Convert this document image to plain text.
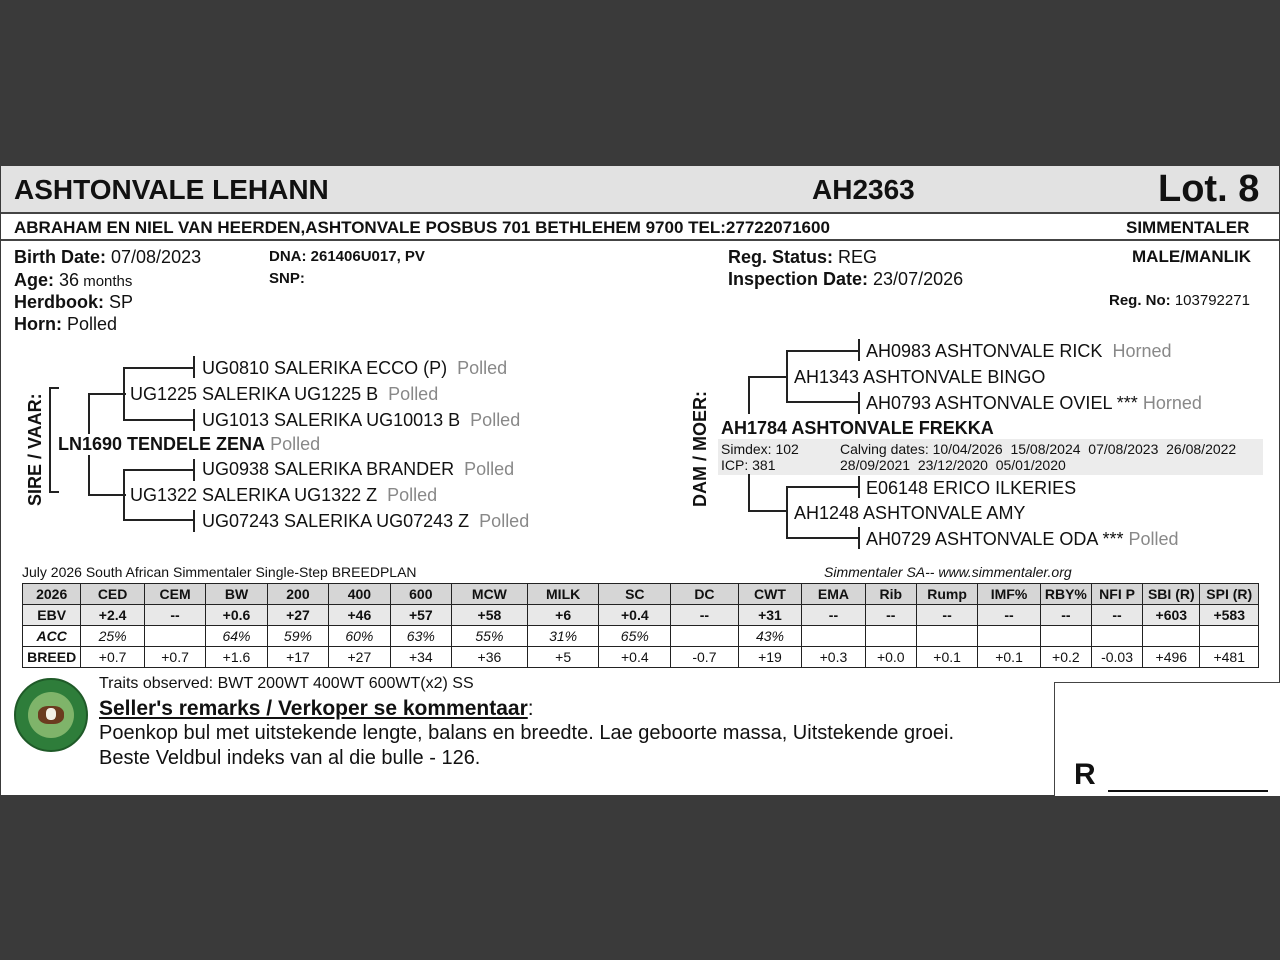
ASHTONVALE LEHANN	AH2363	Lot. 8
ABRAHAM EN NIEL VAN HEERDEN,ASHTONVALE POSBUS 701 BETHLEHEM 9700 TEL:27722071600	SIMMENTALER
Birth Date: 07/08/2023
Age: 36 months
Herdbook: SP
Horn: Polled
DNA: 261406U017, PV
SNP:
Reg. Status: REG
Inspection Date: 23/07/2026
MALE/MANLIK
Reg. No: 103792271
SIRE / VAAR:
UG0810 SALERIKA ECCO (P) Polled
UG1225 SALERIKA UG1225 B Polled
UG1013 SALERIKA UG10013 B Polled
LN1690 TENDELE ZENA Polled
UG0938 SALERIKA BRANDER Polled
UG1322 SALERIKA UG1322 Z Polled
UG07243 SALERIKA UG07243 Z Polled
DAM / MOER:
AH0983 ASHTONVALE RICK Horned
AH1343 ASHTONVALE BINGO
AH0793 ASHTONVALE OVIEL *** Horned
AH1784 ASHTONVALE FREKKA
Simdex: 102
ICP: 381
Calving dates: 10/04/2026  15/08/2024  07/08/2023  26/08/2022
28/09/2021  23/12/2020  05/01/2020
E06148 ERICO ILKERIES
AH1248 ASHTONVALE AMY
AH0729 ASHTONVALE ODA *** Polled
July 2026 South African Simmentaler Single-Step BREEDPLAN	Simmentaler SA-- www.simmentaler.org
2026	CED	CEM	BW	200	400	600	MCW	MILK	SC	DC	CWT	EMA	Rib	Rump	IMF%	RBY%	NFI P	SBI (R)	SPI (R)
EBV	+2.4	--	+0.6	+27	+46	+57	+58	+6	+0.4	--	+31	--	--	--	--	--	--	+603	+583
ACC	25%		64%	59%	60%	63%	55%	31%	65%		43%								
BREED	+0.7	+0.7	+1.6	+17	+27	+34	+36	+5	+0.4	-0.7	+19	+0.3	+0.0	+0.1	+0.1	+0.2	-0.03	+496	+481
Traits observed: BWT 200WT 400WT 600WT(x2) SS
Seller's remarks / Verkoper se kommentaar:
Poenkop bul met uitstekende lengte, balans en breedte. Lae geboorte massa, Uitstekende groei.
Beste Veldbul indeks van al die bulle - 126.	R
